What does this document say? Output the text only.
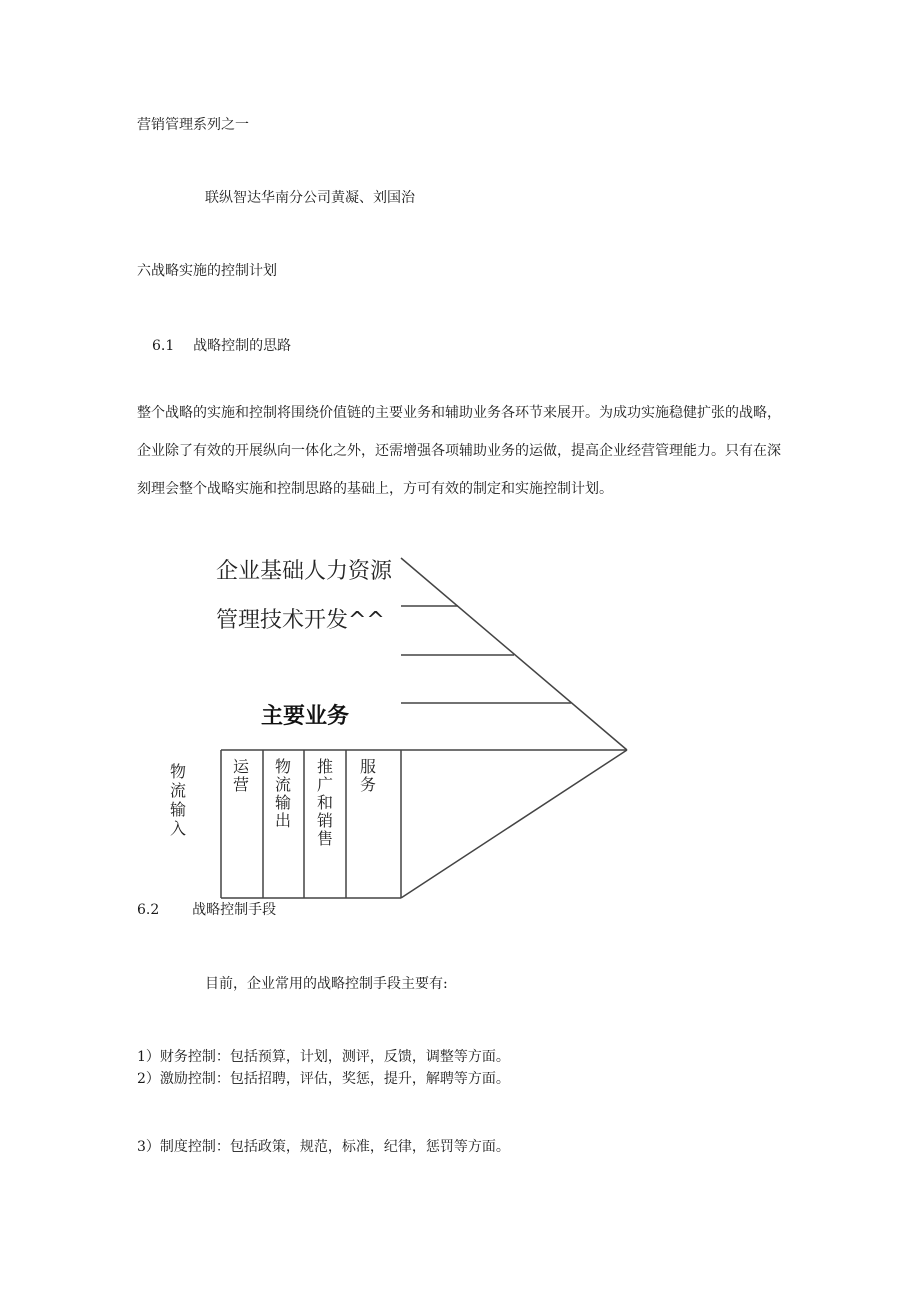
营销管理系列之一
联纵智达华南分公司黄凝、刘国治
六战略实施的控制计划
6.1 战略控制的思路

整个战略的实施和控制将围绕价值链的主要业务和辅助业务各环节来展开。为成功实施稳健扩张的战略，

企业除了有效的开展纵向一体化之外，还需增强各项辅助业务的运做，提高企业经营管理能力。只有在深

刻理会整个战略实施和控制思路的基础上，方可有效的制定和实施控制计划。

企业基础人力资源
管理技术开发^^
主要业务
物
流
输
入
运
营
物
流
输
出
推
广
和
销
售
服
务
6.2 战略控制手段
目前，企业常用的战略控制手段主要有:
1）财务控制：包括预算，计划，测评，反馈，调整等方面。
2）激励控制：包括招聘，评估，奖惩，提升，解聘等方面。
3）制度控制：包括政策，规范，标准，纪律，惩罚等方面。
